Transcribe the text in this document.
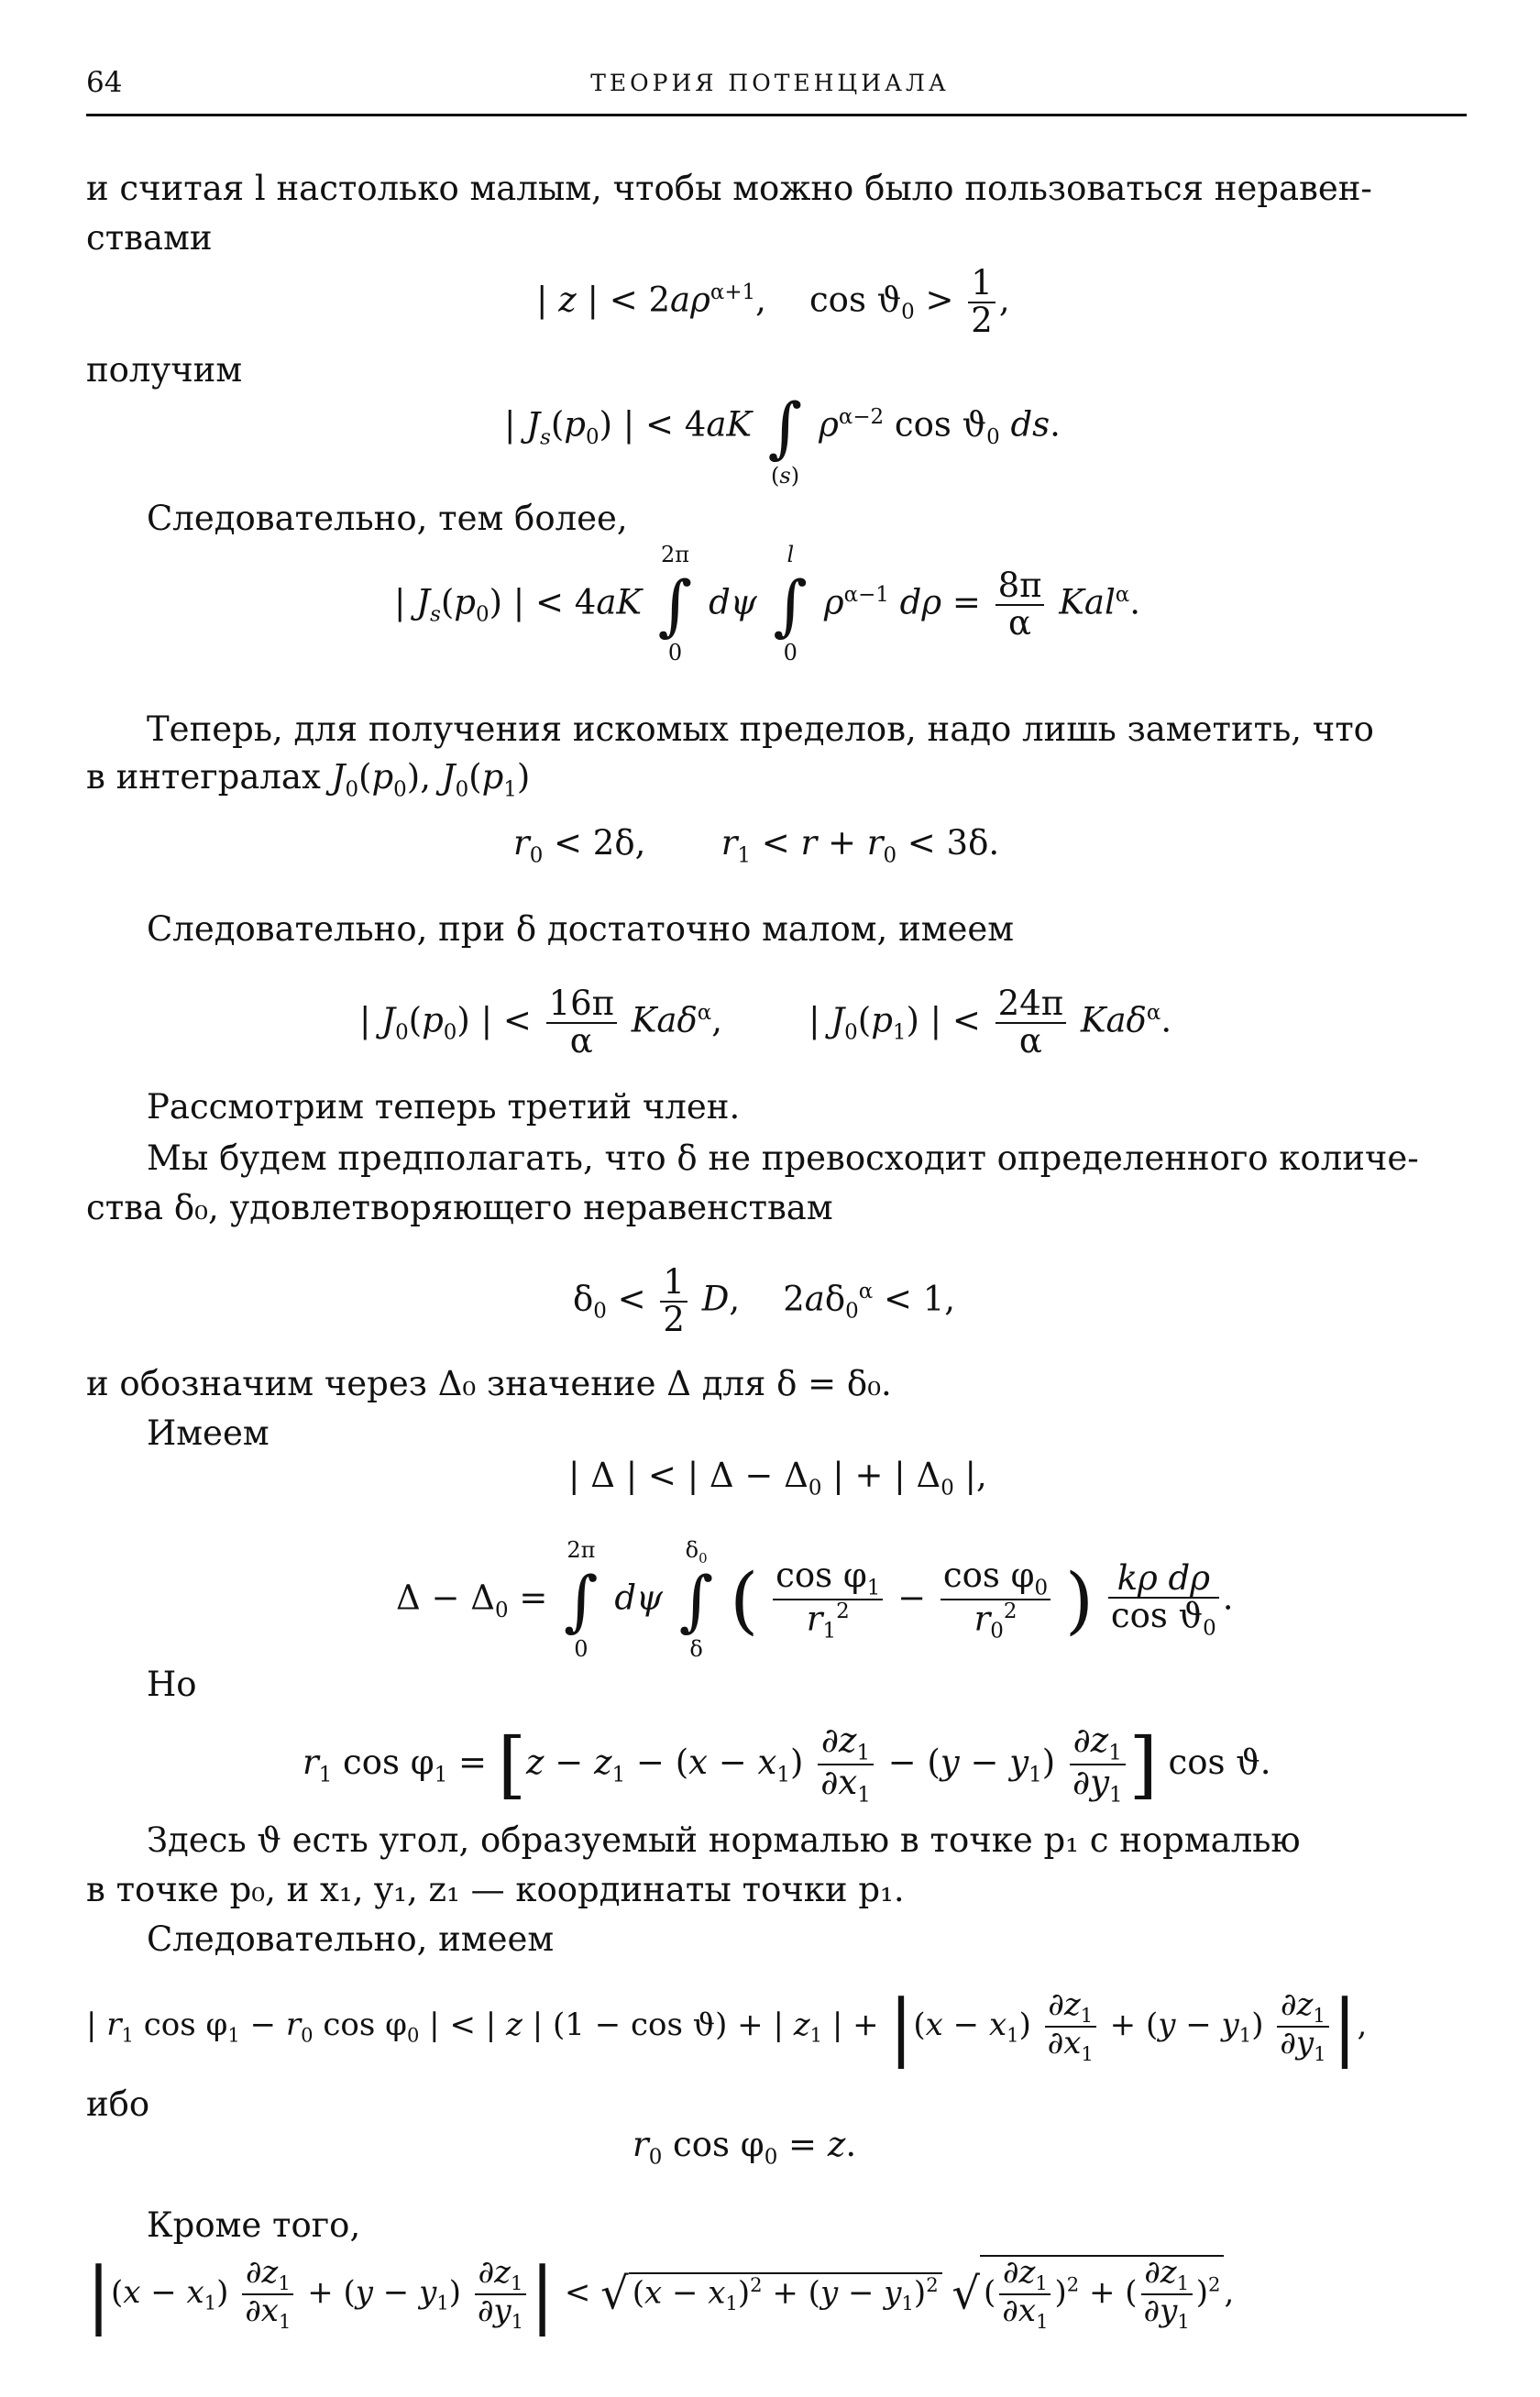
64	ТЕОРИЯ ПОТЕНЦИАЛА
и считая l настолько малым, чтобы можно было пользоваться неравен-
ствами
| z | < $2a\rho^{\alpha+1}$,    $\cos ϑ_0 > \frac{1}{2}$ ,
получим
| $J_s(p_0)$ | < 4aK ∫
(s)
$\rho^{\alpha-2}$ $\cos ϑ_0$ ds.
Следовательно, тем более,
| $J_s(p_0)$ | < 4aK
2π
∫
0
dψ
l
∫
0
$\rho^{\alpha-1}$ $d\rho = \frac{8\pi}{\alpha} Kal^\alpha$.
Теперь, для получения искомых пределов, надо лишь заметить, что
в интегралах $J_0(p_0)$, $J_0(p_1)$
$r_0 < 2\delta$,       $r_1 < r + r_0 < 3\delta$.
Следовательно, при δ достаточно малом, имеем
| $J_0(p_0)$ | < $\frac{16\pi}{\alpha} Ka\delta^\alpha$,        | $J_0(p_1)$ | < $\frac{24\pi}{\alpha} Ka\delta^\alpha$.
Рассмотрим теперь третий член.
Мы будем предполагать, что δ не превосходит определенного количе-
ства δ₀, удовлетворяющего неравенствам
$\delta_0 < \frac{1}{2} D$,    $2a\delta_0^\alpha < 1$,
и обозначим через Δ₀ значение Δ для δ = δ₀.
Имеем
| Δ | < | $\Delta - \Delta_0$ | + | $\Delta_0$ |,
$\Delta - \Delta_0$ =
2π
∫
0
dψ
$\delta_0$
∫
δ
( $\frac{\cos \varphi_1}{r_1^2} - \frac{\cos \varphi_0}{r_0^2}$ ) $\frac{\text{kρ dρ}}{\cos ϑ_0}$ .
Но
$r_1$ $\cos \varphi_1 = [z - z_1 - (x - x_1) \frac{\partial z_1}{\partial x_1} - (y - y_1) \frac{\partial z_1}{\partial y_1}$ ] cos ϑ.
Здесь ϑ есть угол, образуемый нормалью в точке p₁ с нормалью
в точке p₀, и x₁, y₁, z₁ — координаты точки p₁.
Следовательно, имеем
| $r_1$ $\cos \varphi_1 - r_0$ $\cos \varphi_0$ | < | z | (1 − cos ϑ) + | $z_1$ | + $|(x - x_1) \frac{\partial z_1}{\partial x_1} + (y - y_1) \frac{\partial z_1}{\partial y_1}$ |,
ибо
$r_0$ $\cos \varphi_0 = z$.
Кроме того,
$|(x - x_1) \frac{\partial z_1}{\partial x_1} + (y - y_1) \frac{\partial z_1}{\partial y_1}$ | < √ $(x - x_1)^2 + (y - y_1)^2$ √ ( $\frac{\partial z_1}{\partial x_1} )^2$ + ( $\frac{\partial z_1}{\partial y_1} )^2$ ,
